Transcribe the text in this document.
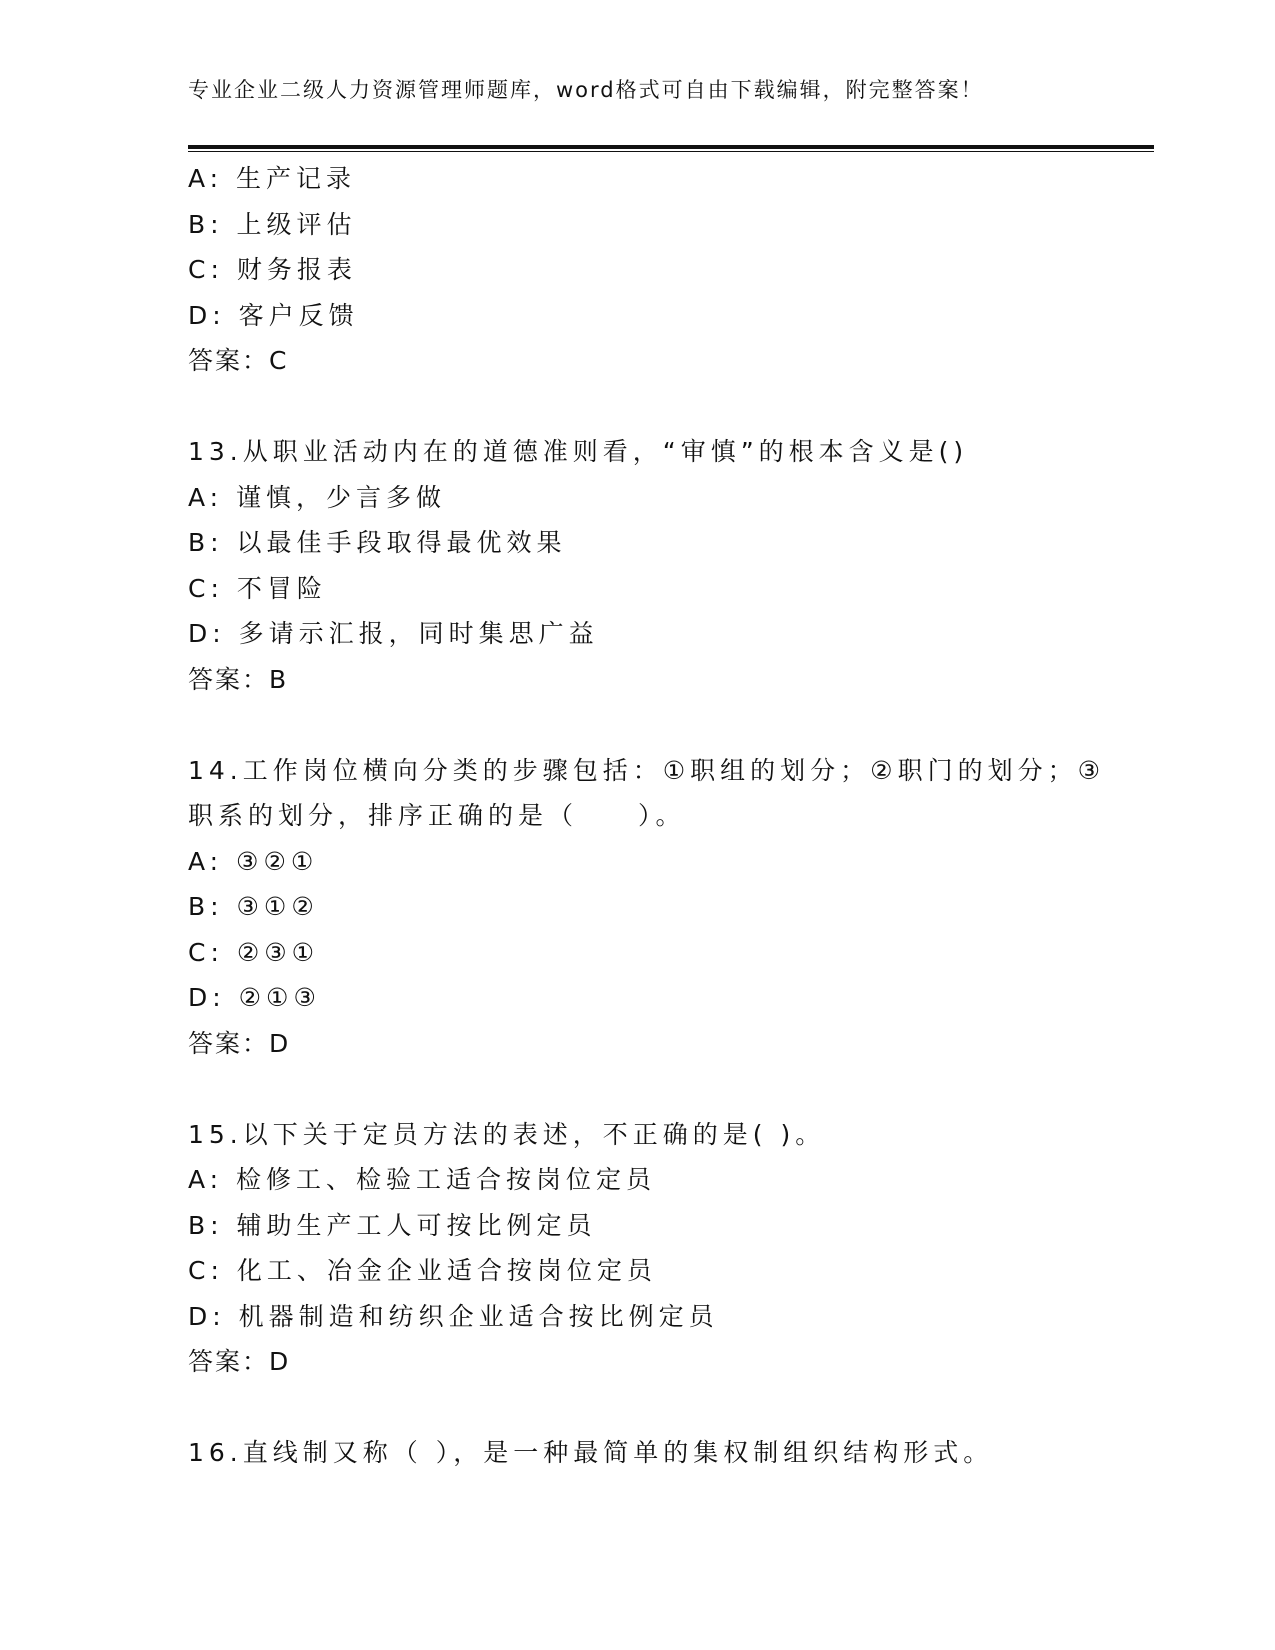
专业企业二级人力资源管理师题库，word格式可自由下载编辑，附完整答案！
A: 生产记录
B: 上级评估
C: 财务报表
D: 客户反馈
答案：C
13.从职业活动内在的道德准则看，“审慎”的根本含义是()
A: 谨慎，少言多做
B: 以最佳手段取得最优效果
C: 不冒险
D: 多请示汇报，同时集思广益
答案：B
14.工作岗位横向分类的步骤包括：①职组的划分；②职门的划分；③
职系的划分，排序正确的是（　　）。
A: ③②①
B: ③①②
C: ②③①
D: ②①③
答案：D
15.以下关于定员方法的表述，不正确的是( )。
A: 检修工、检验工适合按岗位定员
B: 辅助生产工人可按比例定员
C: 化工、冶金企业适合按岗位定员
D: 机器制造和纺织企业适合按比例定员
答案：D
16.直线制又称（ ），是一种最简单的集权制组织结构形式。
